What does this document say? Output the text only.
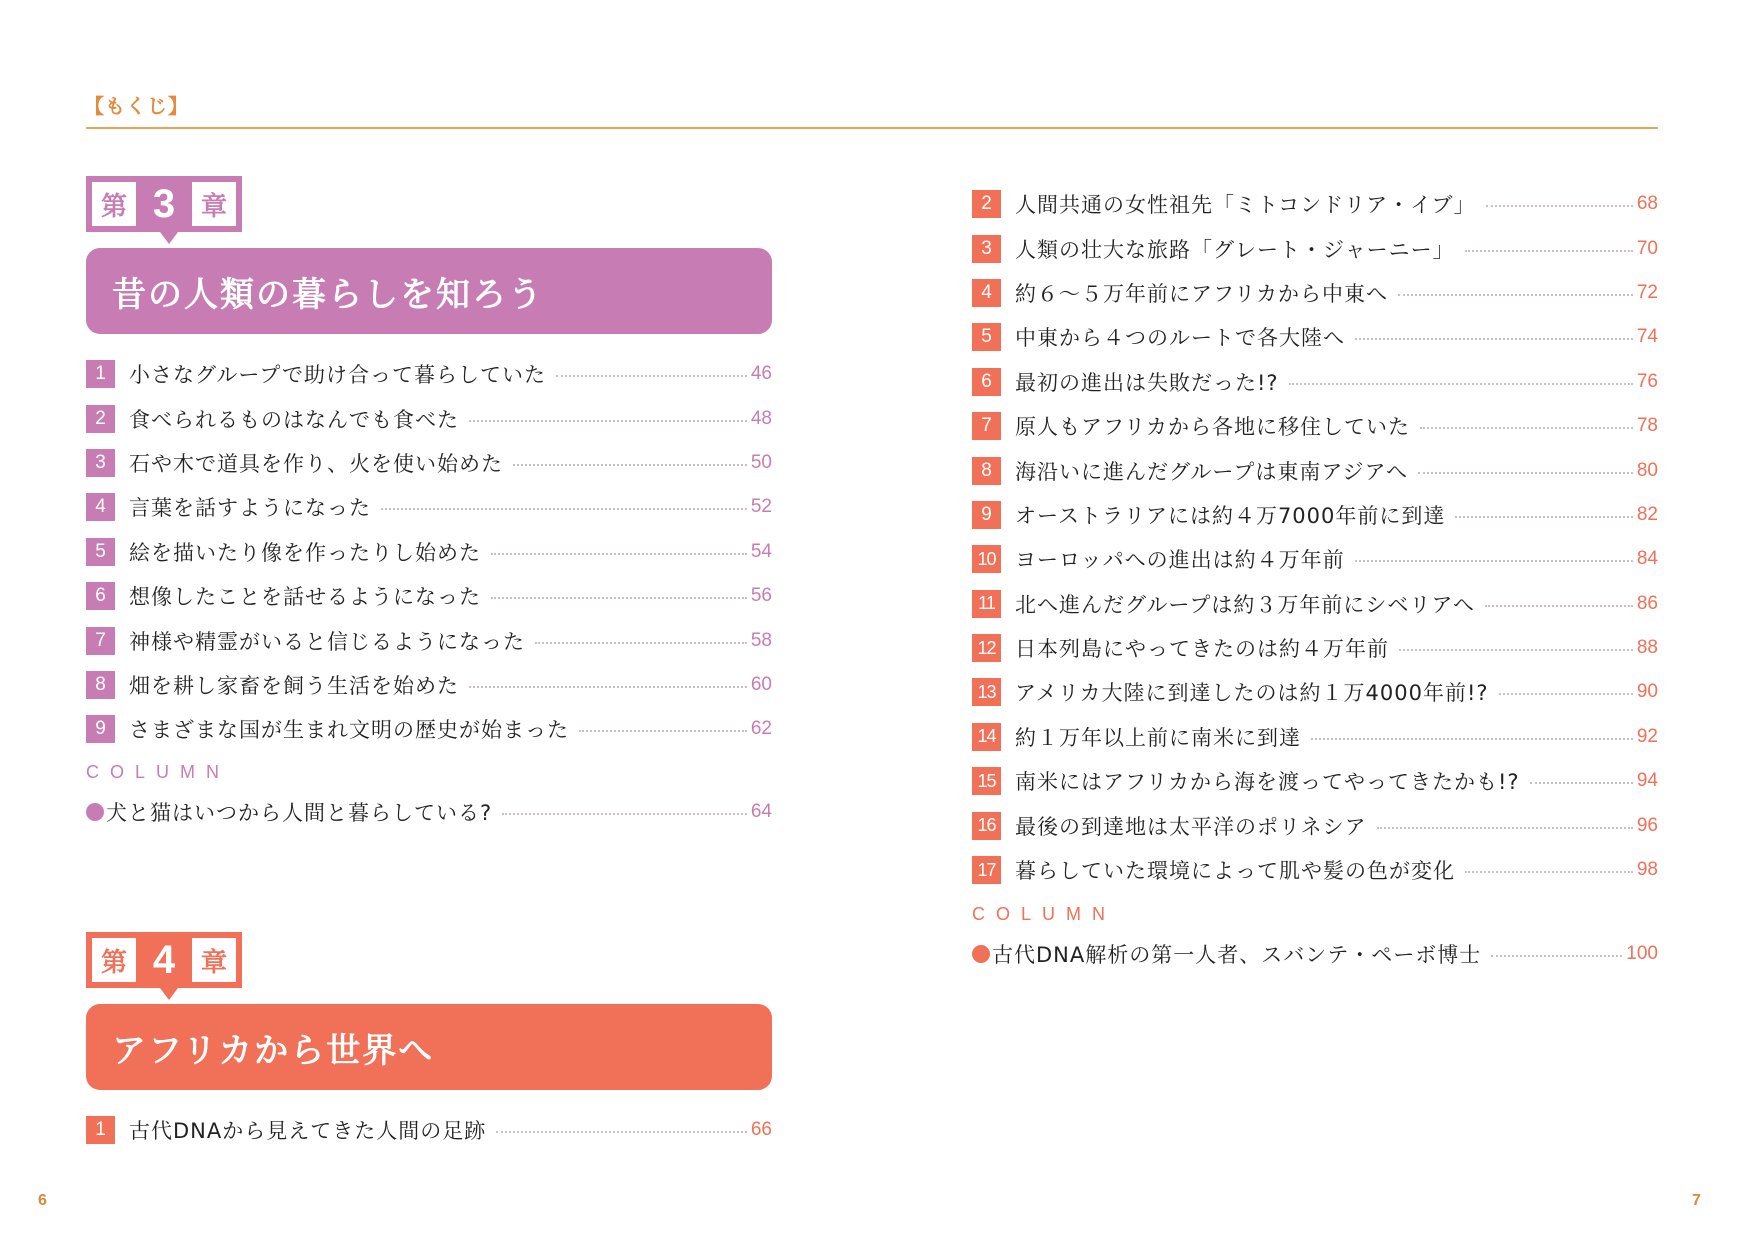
【もくじ】
第 3 章
昔の人類の暮らしを知ろう
1	小さなグループで助け合って暮らしていた	46
2	食べられるものはなんでも食べた	48
3	石や木で道具を作り、火を使い始めた	50
4	言葉を話すようになった	52
5	絵を描いたり像を作ったりし始めた	54
6	想像したことを話せるようになった	56
7	神様や精霊がいると信じるようになった	58
8	畑を耕し家畜を飼う生活を始めた	60
9	さまざまな国が生まれ文明の歴史が始まった	62
COLUMN
犬と猫はいつから人間と暮らしている?	64
第 4 章
アフリカから世界へ
1	古代DNAから見えてきた人間の足跡	66
2	人間共通の女性祖先「ミトコンドリア・イブ」	68
3	人類の壮大な旅路「グレート・ジャーニー」	70
4	約６〜５万年前にアフリカから中東へ	72
5	中東から４つのルートで各大陸へ	74
6	最初の進出は失敗だった!?	76
7	原人もアフリカから各地に移住していた	78
8	海沿いに進んだグループは東南アジアへ	80
9	オーストラリアには約４万7000年前に到達	82
10 ヨーロッパへの進出は約４万年前	84
11 北へ進んだグループは約３万年前にシベリアへ	86
12 日本列島にやってきたのは約４万年前	88
13 アメリカ大陸に到達したのは約１万4000年前!?	90
14 約１万年以上前に南米に到達	92
15 南米にはアフリカから海を渡ってやってきたかも!?	94
16 最後の到達地は太平洋のポリネシア	96
17 暮らしていた環境によって肌や髪の色が変化	98
COLUMN
古代DNA解析の第一人者、スバンテ・ペーボ博士	100
6	7
